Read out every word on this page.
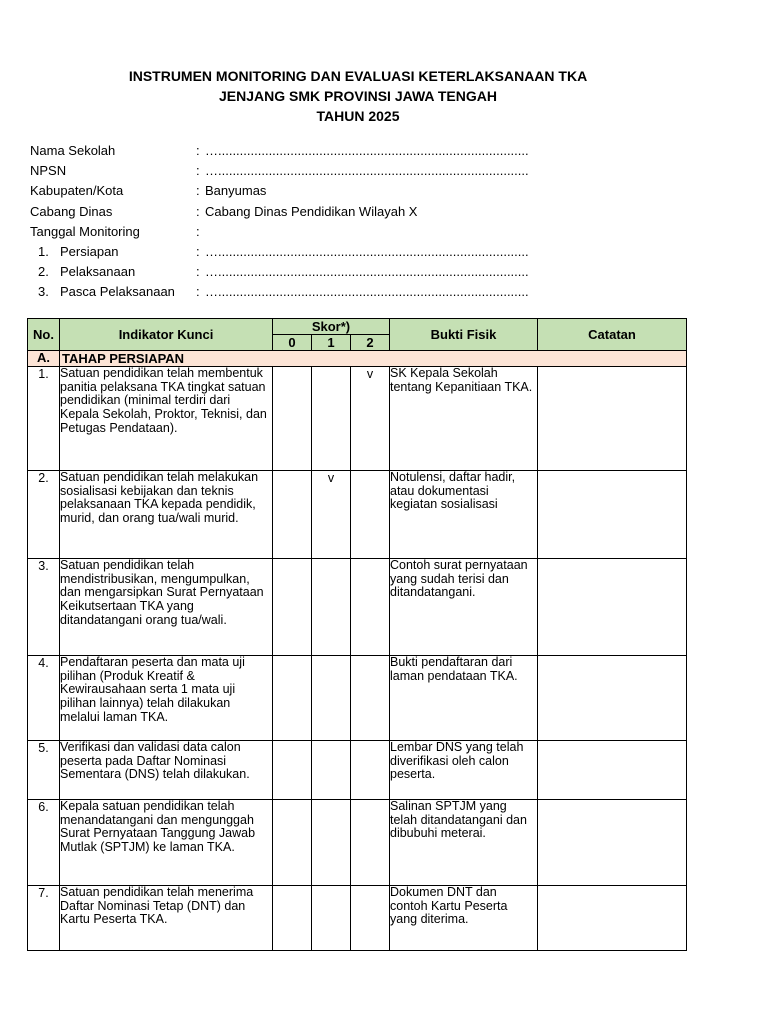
INSTRUMEN MONITORING DAN EVALUASI KETERLAKSANAAN TKA
JENJANG SMK PROVINSI JAWA TENGAH
TAHUN 2025
Nama Sekolah	: …......................................................................................
NPSN	: …......................................................................................
Kabupaten/Kota	: Banyumas
Cabang Dinas	: Cabang Dinas Pendidikan Wilayah X
Tanggal Monitoring	:
1. Persiapan	: …......................................................................................
2. Pelaksanaan	: …......................................................................................
3. Pasca Pelaksanaan : …......................................................................................
No.	Indikator Kunci	Skor*)			Bukti Fisik	Catatan
		0	1	2		
A.	TAHAP PERSIAPAN					
1.	Satuan pendidikan telah membentuk panitia pelaksana TKA tingkat satuan pendidikan (minimal terdiri dari Kepala Sekolah, Proktor, Teknisi, dan Petugas Pendataan).			v	SK Kepala Sekolah tentang Kepanitiaan TKA.	
2.	Satuan pendidikan telah melakukan sosialisasi kebijakan dan teknis pelaksanaan TKA kepada pendidik, murid, dan orang tua/wali murid.		v		Notulensi, daftar hadir, atau dokumentasi kegiatan sosialisasi	
3.	Satuan pendidikan telah mendistribusikan, mengumpulkan, dan mengarsipkan Surat Pernyataan Keikutsertaan TKA yang ditandatangani orang tua/wali.				Contoh surat pernyataan yang sudah terisi dan ditandatangani.	
4.	Pendaftaran peserta dan mata uji pilihan (Produk Kreatif & Kewirausahaan serta 1 mata uji pilihan lainnya) telah dilakukan melalui laman TKA.				Bukti pendaftaran dari laman pendataan TKA.	
5.	Verifikasi dan validasi data calon peserta pada Daftar Nominasi Sementara (DNS) telah dilakukan.				Lembar DNS yang telah diverifikasi oleh calon peserta.	
6.	Kepala satuan pendidikan telah menandatangani dan mengunggah Surat Pernyataan Tanggung Jawab Mutlak (SPTJM) ke laman TKA.				Salinan SPTJM yang telah ditandatangani dan dibubuhi meterai.	
7.	Satuan pendidikan telah menerima Daftar Nominasi Tetap (DNT) dan Kartu Peserta TKA.				Dokumen DNT dan contoh Kartu Peserta yang diterima.	
